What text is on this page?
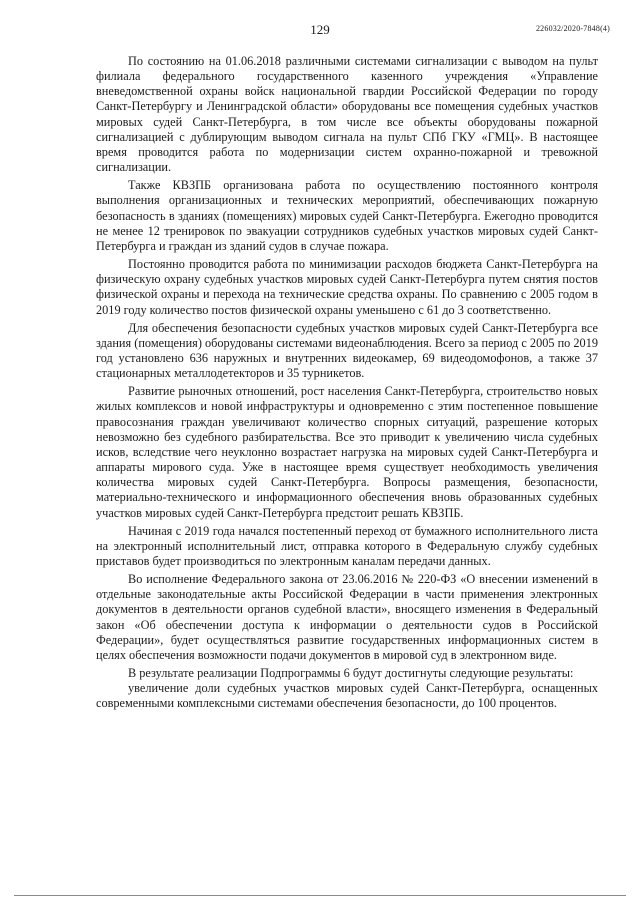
129	226032/2020-7848(4)

По состоянию на 01.06.2018 различными системами сигнализации с выводом на пульт филиала федерального государственного казенного учреждения «Управление вневедомственной охраны войск национальной гвардии Российской Федерации по городу Санкт-Петербургу и Ленинградской области» оборудованы все помещения судебных участков мировых судей Санкт-Петербурга, в том числе все объекты оборудованы пожарной сигнализацией с дублирующим выводом сигнала на пульт СПб ГКУ «ГМЦ». В настоящее время проводится работа по модернизации систем охранно-пожарной и тревожной сигнализации.

Также КВЗПБ организована работа по осуществлению постоянного контроля выполнения организационных и технических мероприятий, обеспечивающих пожарную безопасность в зданиях (помещениях) мировых судей Санкт-Петербурга. Ежегодно проводится не менее 12 тренировок по эвакуации сотрудников судебных участков мировых судей Санкт-Петербурга и граждан из зданий судов в случае пожара.

Постоянно проводится работа по минимизации расходов бюджета Санкт-Петербурга на физическую охрану судебных участков мировых судей Санкт-Петербурга путем снятия постов физической охраны и перехода на технические средства охраны. По сравнению с 2005 годом в 2019 году количество постов физической охраны уменьшено с 61 до 3 соответственно.

Для обеспечения безопасности судебных участков мировых судей Санкт-Петербурга все здания (помещения) оборудованы системами видеонаблюдения. Всего за период с 2005 по 2019 год установлено 636 наружных и внутренних видеокамер, 69 видеодомофонов, а также 37 стационарных металлодетекторов и 35 турникетов.

Развитие рыночных отношений, рост населения Санкт-Петербурга, строительство новых жилых комплексов и новой инфраструктуры и одновременно с этим постепенное повышение правосознания граждан увеличивают количество спорных ситуаций, разрешение которых невозможно без судебного разбирательства. Все это приводит к увеличению числа судебных исков, вследствие чего неуклонно возрастает нагрузка на мировых судей Санкт-Петербурга и аппараты мирового суда. Уже в настоящее время существует необходимость увеличения количества мировых судей Санкт-Петербурга. Вопросы размещения, безопасности, материально-технического и информационного обеспечения вновь образованных судебных участков мировых судей Санкт-Петербурга предстоит решать КВЗПБ.

Начиная с 2019 года начался постепенный переход от бумажного исполнительного листа на электронный исполнительный лист, отправка которого в Федеральную службу судебных приставов будет производиться по электронным каналам передачи данных.

Во исполнение Федерального закона от 23.06.2016 № 220-ФЗ «О внесении изменений в отдельные законодательные акты Российской Федерации в части применения электронных документов в деятельности органов судебной власти», вносящего изменения в Федеральный закон «Об обеспечении доступа к информации о деятельности судов в Российской Федерации», будет осуществляться развитие государственных информационных систем в целях обеспечения возможности подачи документов в мировой суд в электронном виде.

В результате реализации Подпрограммы 6 будут достигнуты следующие результаты:

увеличение доли судебных участков мировых судей Санкт-Петербурга, оснащенных современными комплексными системами обеспечения безопасности, до 100 процентов.
